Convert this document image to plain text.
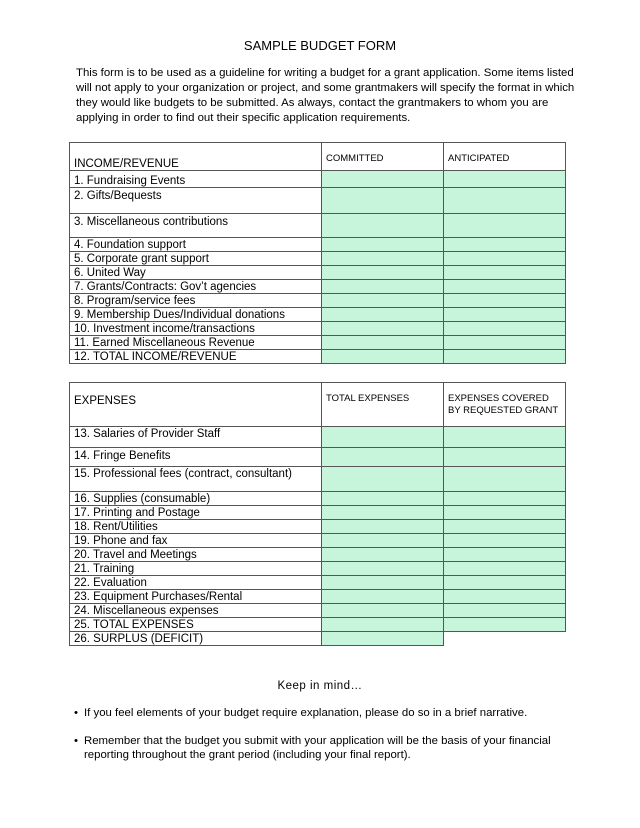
SAMPLE BUDGET FORM
This form is to be used as a guideline for writing a budget for a grant application. Some items listed will not apply to your organization or project, and some grantmakers will specify the format in which they would like budgets to be submitted. As always, contact the grantmakers to whom you are applying in order to find out their specific application requirements.
INCOME/REVENUE	COMMITTED	ANTICIPATED
1. Fundraising Events		
2. Gifts/Bequests		
3. Miscellaneous contributions		
4. Foundation support		
5. Corporate grant support		
6. United Way		
7. Grants/Contracts: Gov’t agencies		
8. Program/service fees		
9. Membership Dues/Individual donations		
10. Investment income/transactions		
11. Earned Miscellaneous Revenue		
12. TOTAL INCOME/REVENUE		
EXPENSES	TOTAL EXPENSES	EXPENSES COVERED BY REQUESTED GRANT
13. Salaries of Provider Staff		
14. Fringe Benefits		
15. Professional fees (contract, consultant)		
16. Supplies (consumable)		
17. Printing and Postage		
18. Rent/Utilities		
19. Phone and fax		
20. Travel and Meetings		
21. Training		
22. Evaluation		
23. Equipment Purchases/Rental		
24. Miscellaneous expenses		
25. TOTAL EXPENSES		
26. SURPLUS (DEFICIT)		
Keep in mind…
• If you feel elements of your budget require explanation, please do so in a brief narrative.
• Remember that the budget you submit with your application will be the basis of your financial reporting throughout the grant period (including your final report).
